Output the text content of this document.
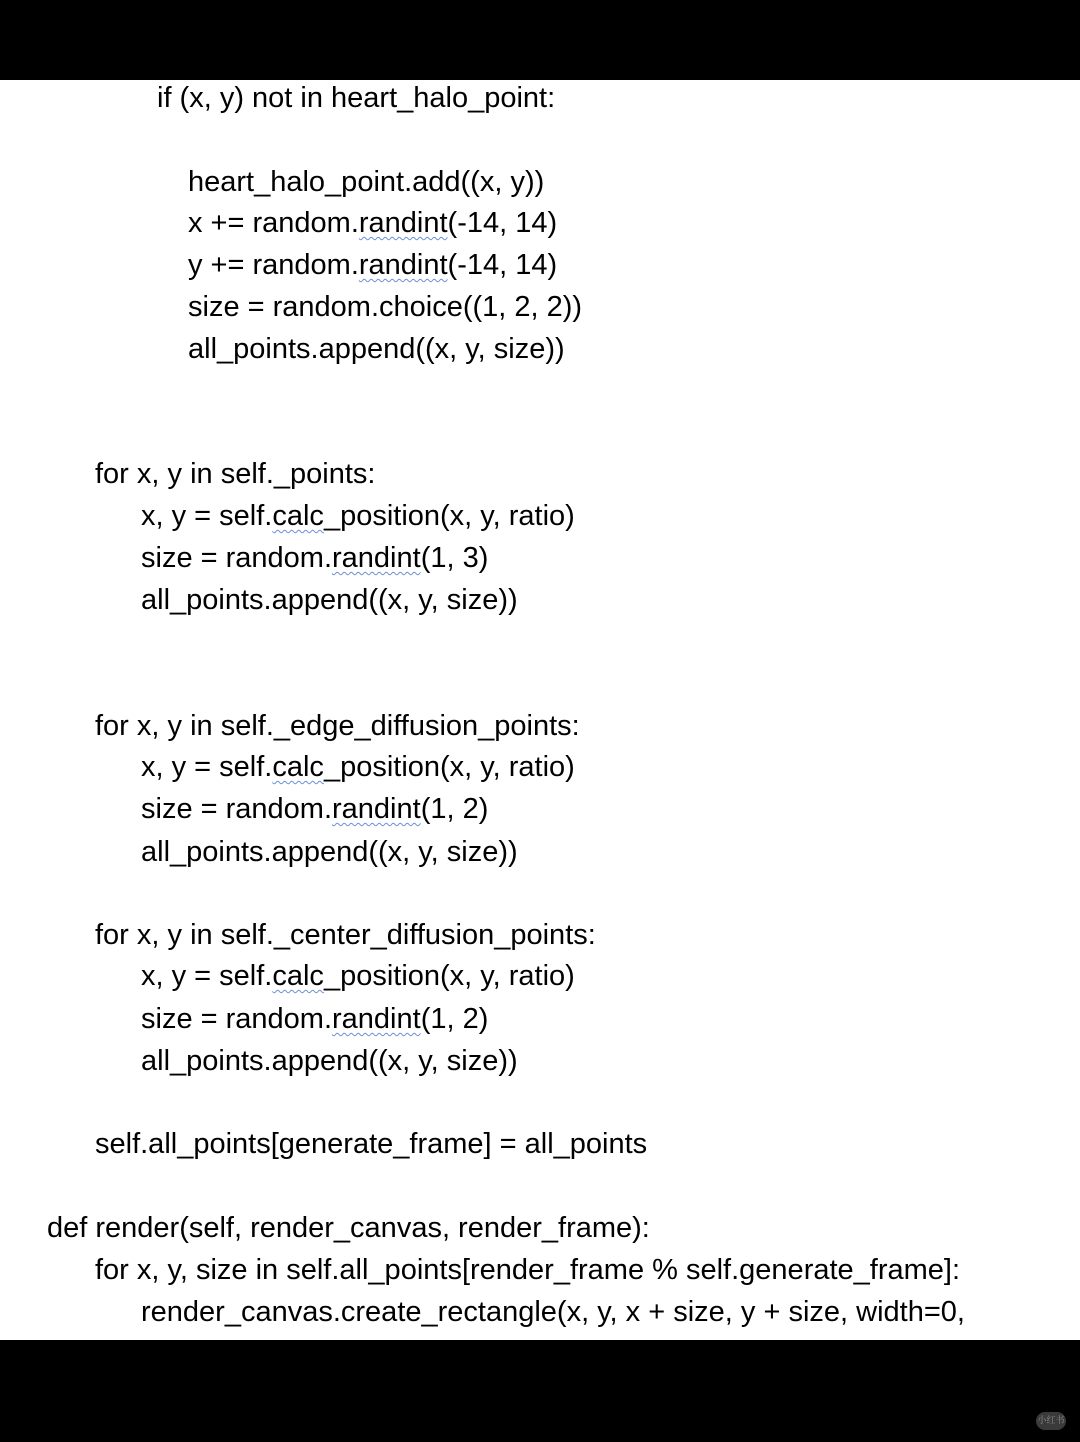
if (x, y) not in heart_halo_point:
heart_halo_point.add((x, y))
x += random.randint(-14, 14)
y += random.randint(-14, 14)
size = random.choice((1, 2, 2))
all_points.append((x, y, size))
for x, y in self._points:
x, y = self.calc_position(x, y, ratio)
size = random.randint(1, 3)
all_points.append((x, y, size))
for x, y in self._edge_diffusion_points:
x, y = self.calc_position(x, y, ratio)
size = random.randint(1, 2)
all_points.append((x, y, size))
for x, y in self._center_diffusion_points:
x, y = self.calc_position(x, y, ratio)
size = random.randint(1, 2)
all_points.append((x, y, size))
self.all_points[generate_frame] = all_points
def render(self, render_canvas, render_frame):
for x, y, size in self.all_points[render_frame % self.generate_frame]:
render_canvas.create_rectangle(x, y, x + size, y + size, width=0,
小红书
